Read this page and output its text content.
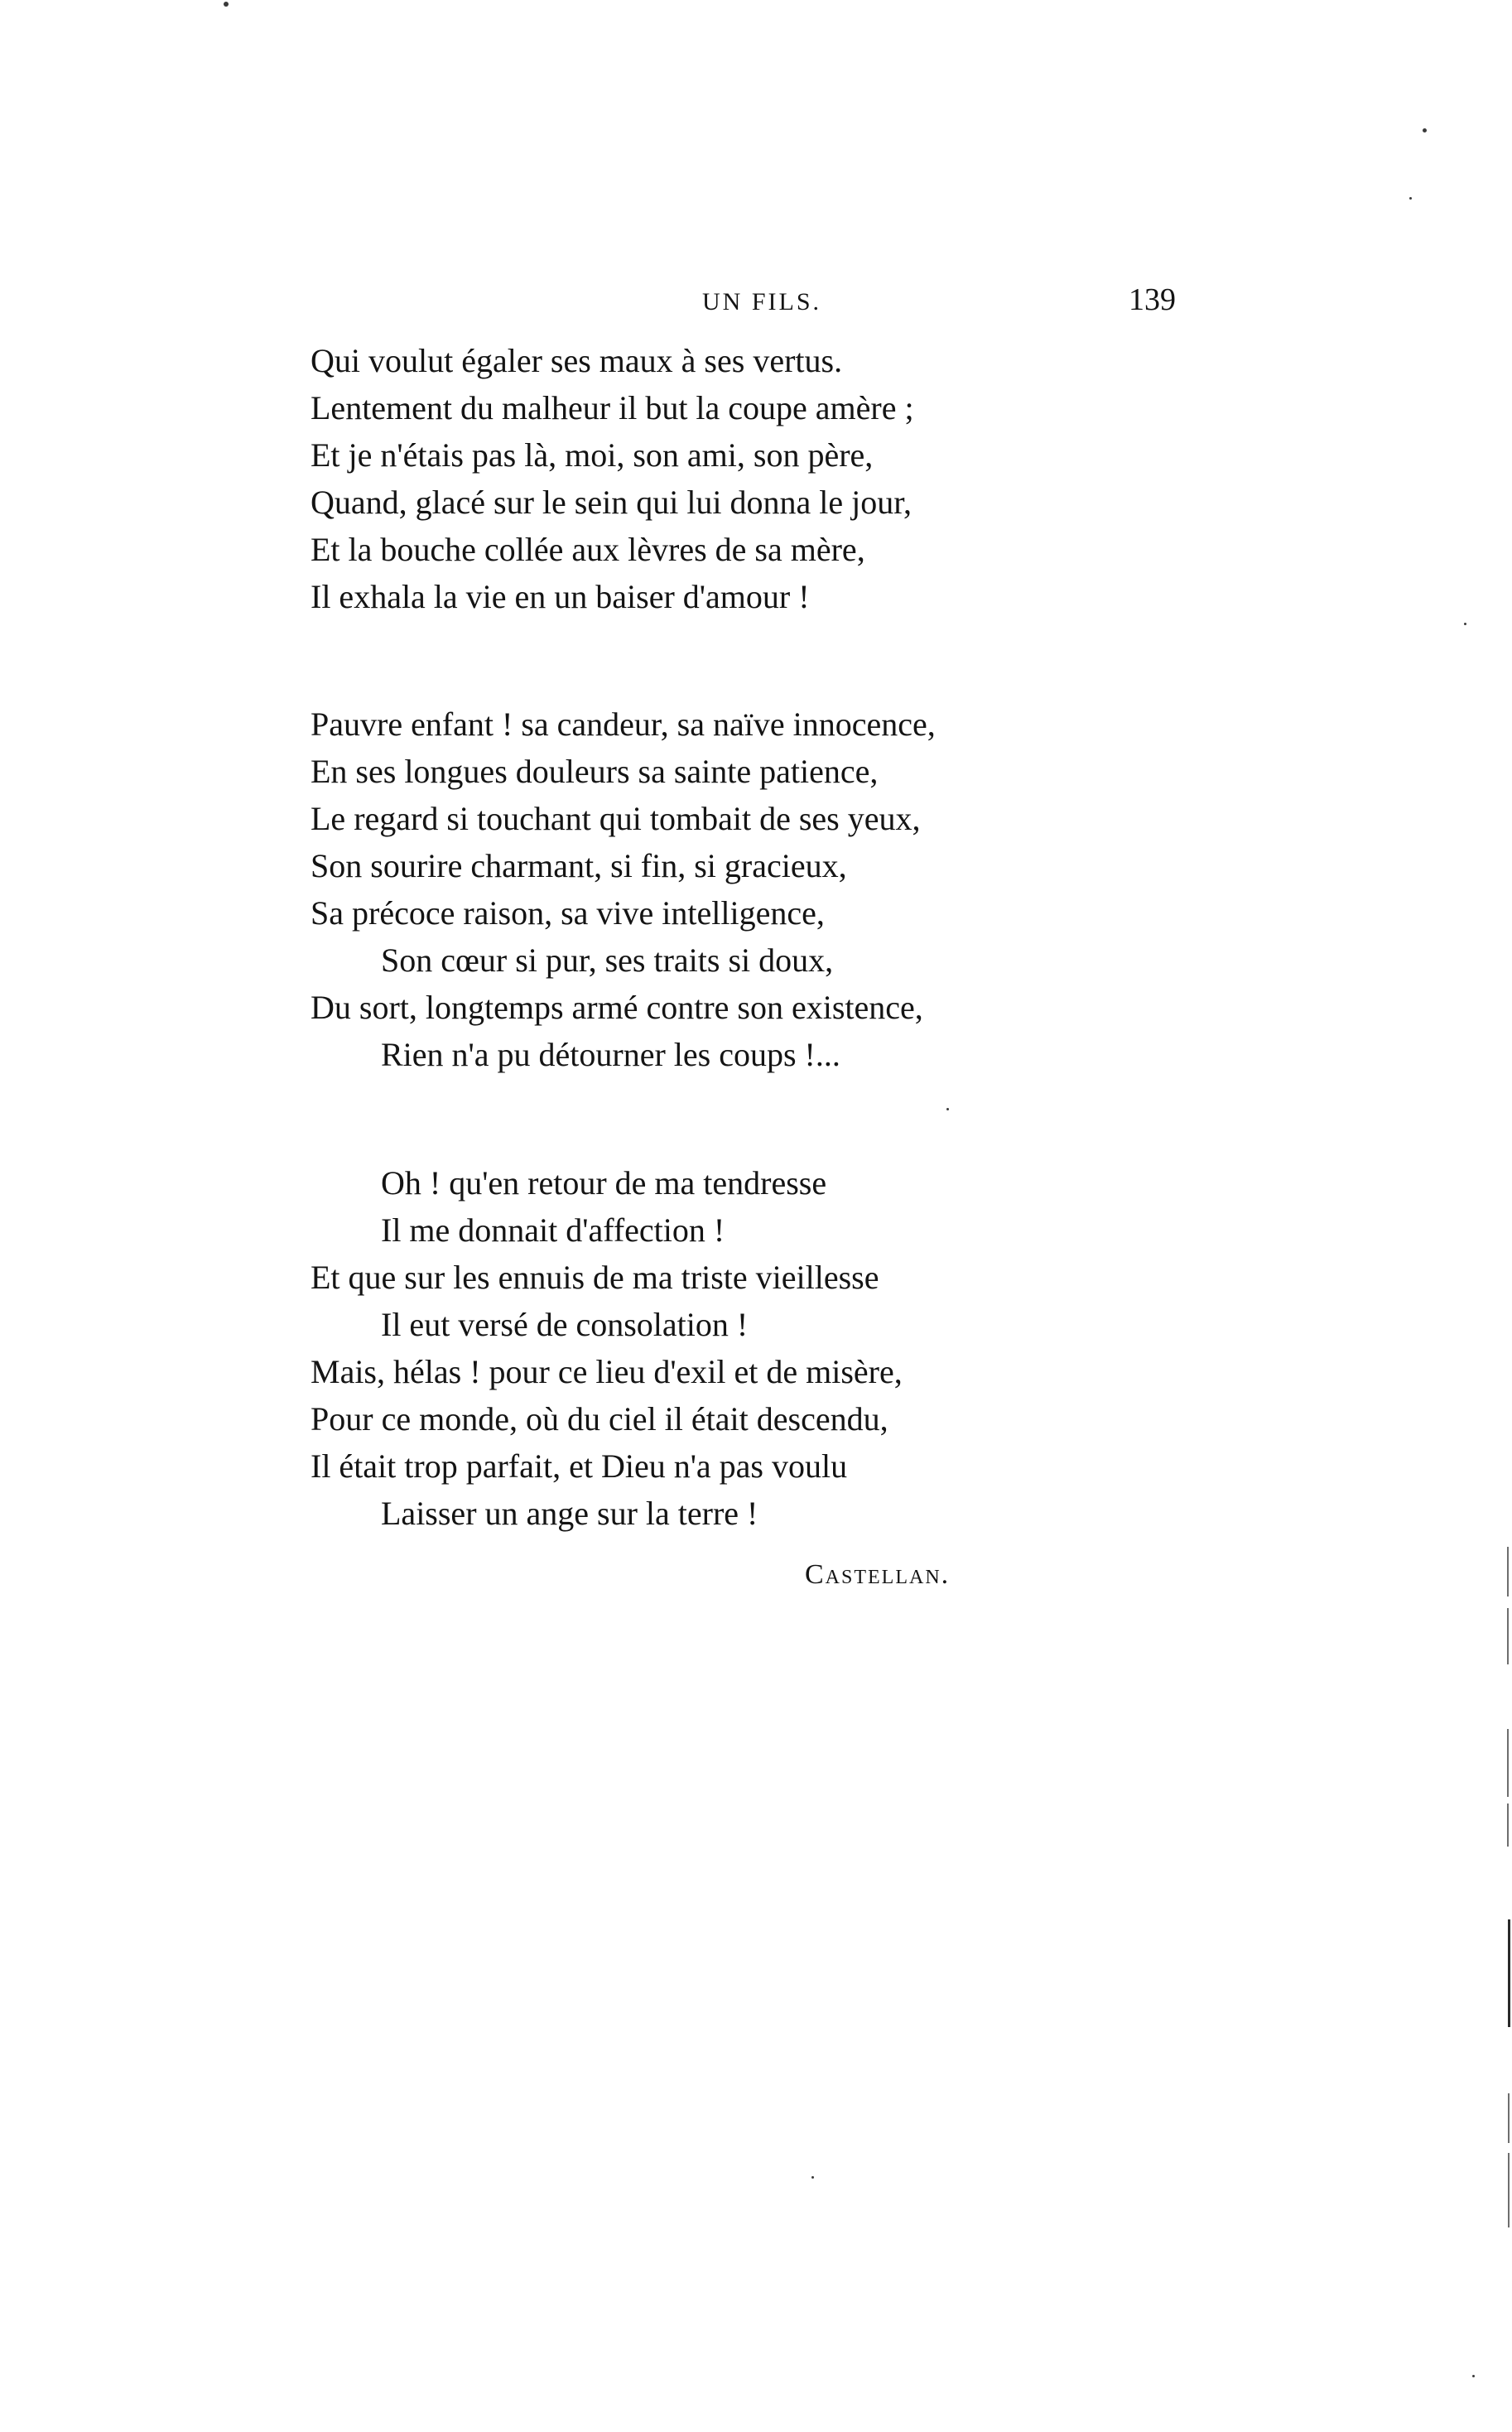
UN FILS.	139
Qui voulut égaler ses maux à ses vertus.
Lentement du malheur il but la coupe amère ;
Et je n'étais pas là, moi, son ami, son père,
Quand, glacé sur le sein qui lui donna le jour,
Et la bouche collée aux lèvres de sa mère,
Il exhala la vie en un baiser d'amour !
Pauvre enfant ! sa candeur, sa naïve innocence,
En ses longues douleurs sa sainte patience,
Le regard si touchant qui tombait de ses yeux,
Son sourire charmant, si fin, si gracieux,
Sa précoce raison, sa vive intelligence,
Son cœur si pur, ses traits si doux,
Du sort, longtemps armé contre son existence,
Rien n'a pu détourner les coups !...
Oh ! qu'en retour de ma tendresse
Il me donnait d'affection !
Et que sur les ennuis de ma triste vieillesse
Il eut versé de consolation !
Mais, hélas ! pour ce lieu d'exil et de misère,
Pour ce monde, où du ciel il était descendu,
Il était trop parfait, et Dieu n'a pas voulu
Laisser un ange sur la terre !
Castellan.
